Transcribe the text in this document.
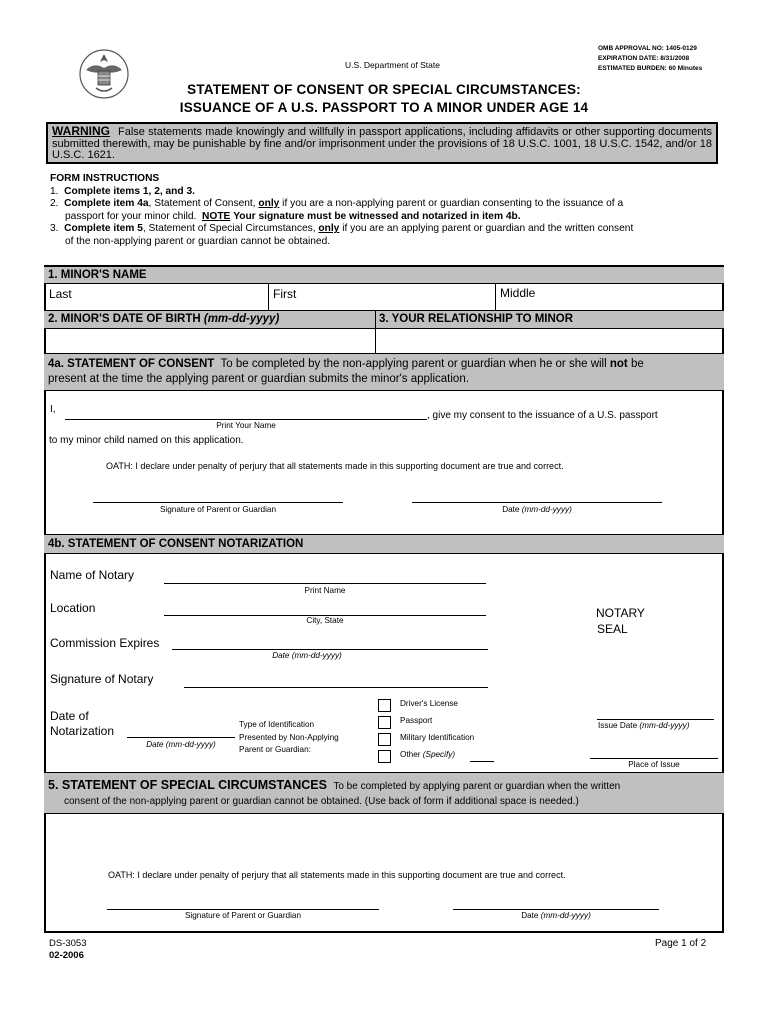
U.S. Department of State
OMB APPROVAL NO: 1405-0129
EXPIRATION DATE: 8/31/2008
ESTIMATED BURDEN: 60 Minutes
STATEMENT OF CONSENT OR SPECIAL CIRCUMSTANCES:
ISSUANCE OF A U.S. PASSPORT TO A MINOR UNDER AGE 14
WARNING False statements made knowingly and willfully in passport applications, including affidavits or other supporting documents submitted therewith, may be punishable by fine and/or imprisonment under the provisions of 18 U.S.C. 1001, 18 U.S.C. 1542, and/or 18 U.S.C. 1621.
FORM INSTRUCTIONS
1. Complete items 1, 2, and 3.
2. Complete item 4a, Statement of Consent, only if you are a non-applying parent or guardian consenting to the issuance of a
passport for your minor child. NOTE Your signature must be witnessed and notarized in item 4b.
3. Complete item 5, Statement of Special Circumstances, only if you are an applying parent or guardian and the written consent
of the non-applying parent or guardian cannot be obtained.
1. MINOR'S NAME
Last	First	Middle
2. MINOR'S DATE OF BIRTH (mm-dd-yyyy)	3. YOUR RELATIONSHIP TO MINOR
4a. STATEMENT OF CONSENT To be completed by the non-applying parent or guardian when he or she will not be
present at the time the applying parent or guardian submits the minor's application.
I,
Print Your Name
, give my consent to the issuance of a U.S. passport
to my minor child named on this application.
OATH: I declare under penalty of perjury that all statements made in this supporting document are true and correct.
Signature of Parent or Guardian	Date (mm-dd-yyyy)
4b. STATEMENT OF CONSENT NOTARIZATION
Name of Notary
Print Name
Location
City, State
Commission Expires
Date (mm-dd-yyyy)
Signature of Notary
NOTARY
SEAL
Date of
Notarization
Date (mm-dd-yyyy)
Type of Identification
Presented by Non-Applying
Parent or Guardian:
Driver's License
Passport
Military Identification
Other (Specify)
Issue Date (mm-dd-yyyy)
Place of Issue
5. STATEMENT OF SPECIAL CIRCUMSTANCES To be completed by applying parent or guardian when the written
consent of the non-applying parent or guardian cannot be obtained. (Use back of form if additional space is needed.)
OATH: I declare under penalty of perjury that all statements made in this supporting document are true and correct.
Signature of Parent or Guardian	Date (mm-dd-yyyy)
DS-3053
02-2006
Page 1 of 2
